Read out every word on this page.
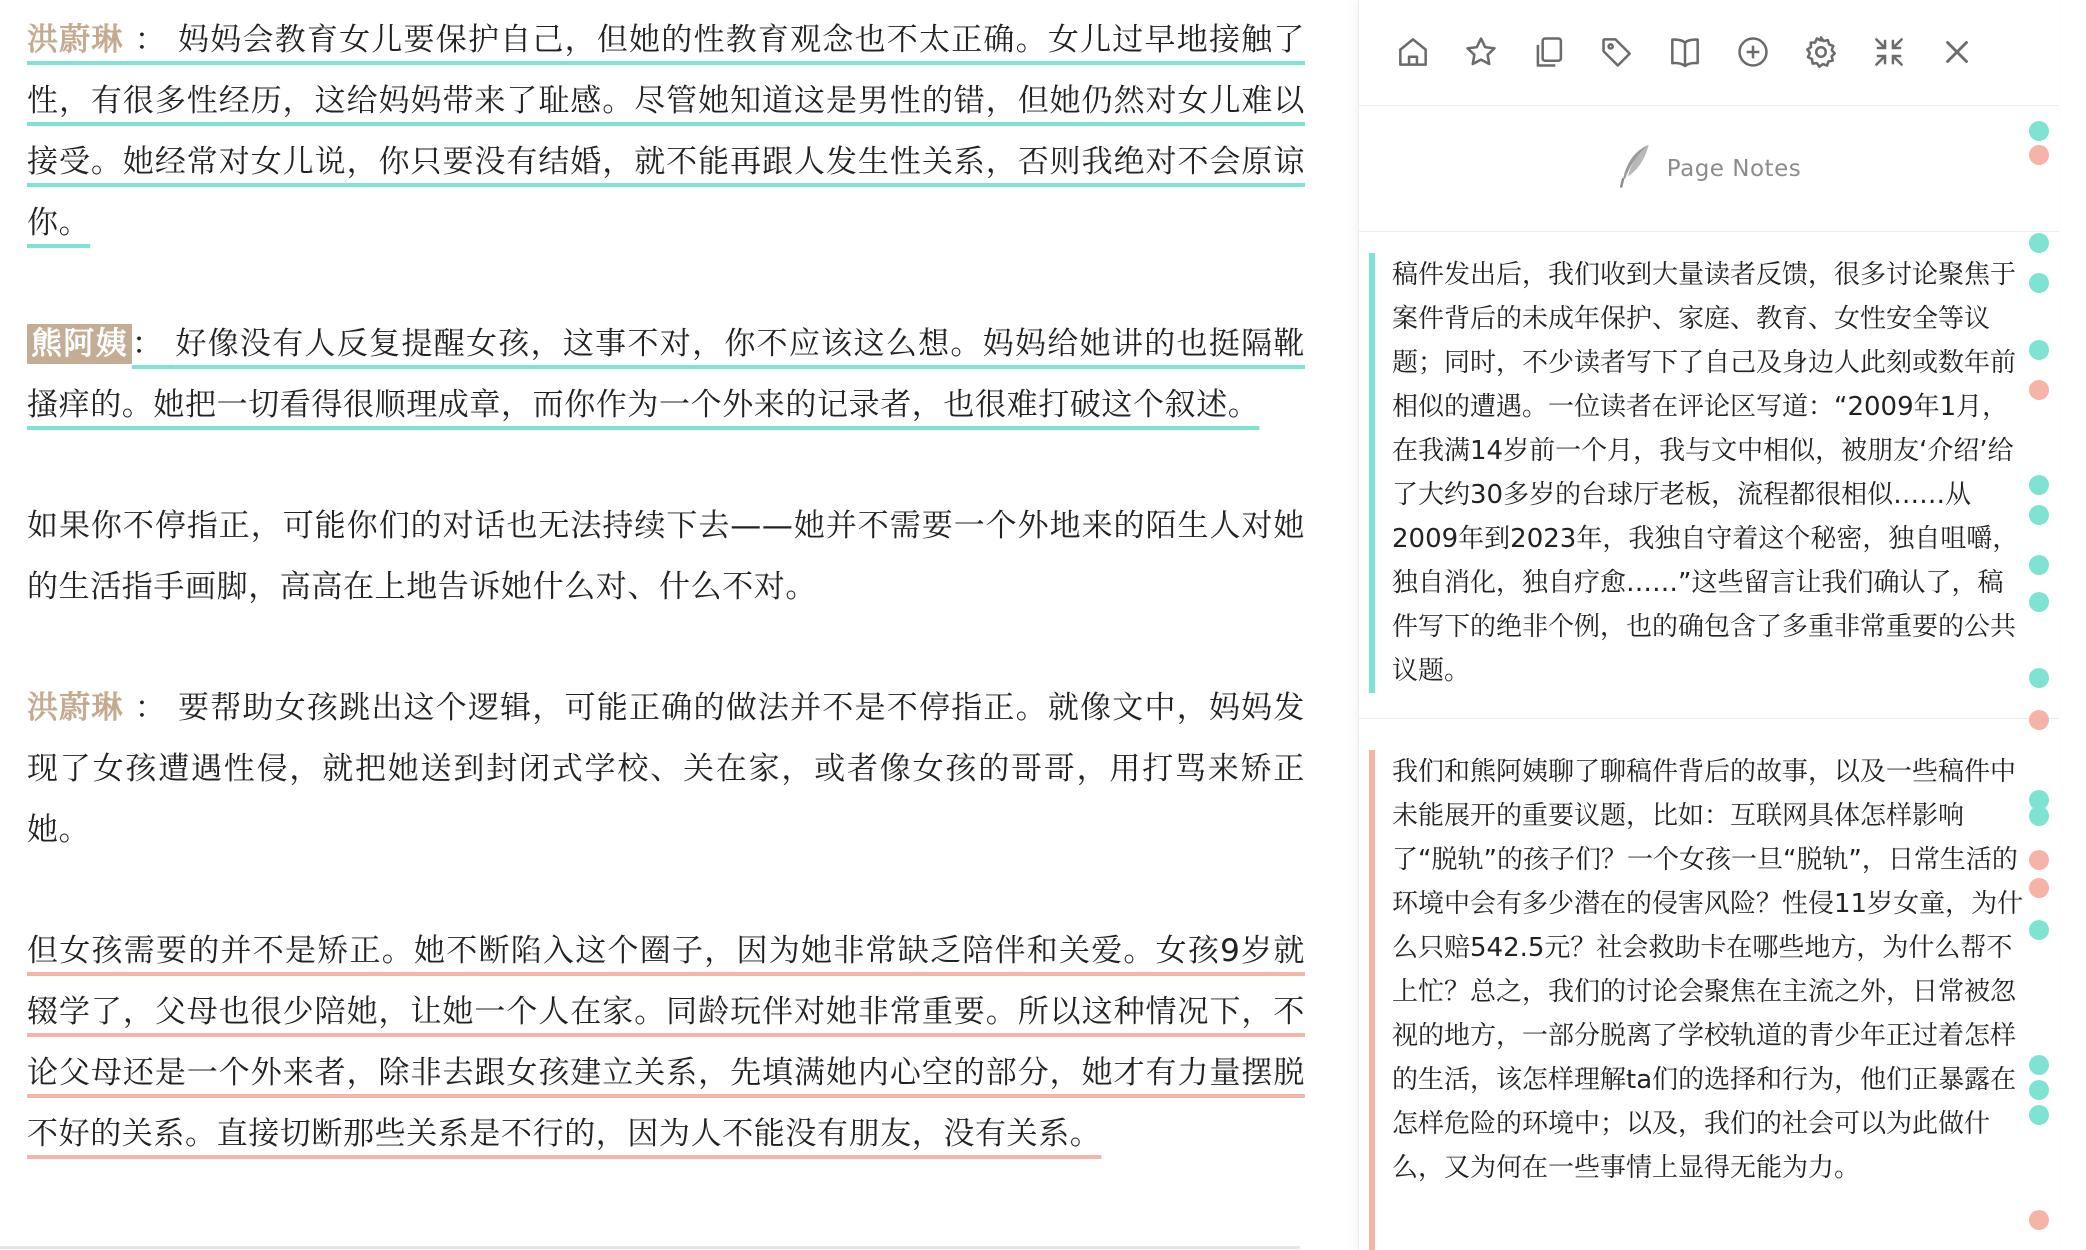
洪蔚琳 ： 妈妈会教育女儿要保护自己，但她的性教育观念也不太正确。女儿过早地接触了性，有很多性经历，这给妈妈带来了耻感。尽管她知道这是男性的错，但她仍然对女儿难以接受。她经常对女儿说，你只要没有结婚，就不能再跟人发生性关系，否则我绝对不会原谅你。

熊阿姨 ： 好像没有人反复提醒女孩，这事不对，你不应该这么想。妈妈给她讲的也挺隔靴搔痒的。她把一切看得很顺理成章，而你作为一个外来的记录者，也很难打破这个叙述。

如果你不停指正，可能你们的对话也无法持续下去——她并不需要一个外地来的陌生人对她的生活指手画脚，高高在上地告诉她什么对、什么不对。

洪蔚琳 ： 要帮助女孩跳出这个逻辑，可能正确的做法并不是不停指正。就像文中，妈妈发现了女孩遭遇性侵，就把她送到封闭式学校、关在家，或者像女孩的哥哥，用打骂来矫正她。

但女孩需要的并不是矫正。她不断陷入这个圈子，因为她非常缺乏陪伴和关爱。女孩9岁就辍学了，父母也很少陪她，让她一个人在家。同龄玩伴对她非常重要。所以这种情况下，不论父母还是一个外来者，除非去跟女孩建立关系，先填满她内心空的部分，她才有力量摆脱不好的关系。直接切断那些关系是不行的，因为人不能没有朋友，没有关系。

Page Notes
稿件发出后，我们收到大量读者反馈，很多讨论聚焦于案件背后的未成年保护、家庭、教育、女性安全等议题；同时，不少读者写下了自己及身边人此刻或数年前相似的遭遇。一位读者在评论区写道：“2009年1月，在我满14岁前一个月，我与文中相似，被朋友‘介绍’给了大约30多岁的台球厅老板，流程都很相似……从2009年到2023年，我独自守着这个秘密，独自咀嚼，独自消化，独自疗愈……”这些留言让我们确认了，稿件写下的绝非个例，也的确包含了多重非常重要的公共议题。
我们和熊阿姨聊了聊稿件背后的故事，以及一些稿件中未能展开的重要议题，比如：互联网具体怎样影响了“脱轨”的孩子们？一个女孩一旦“脱轨”，日常生活的环境中会有多少潜在的侵害风险？性侵11岁女童，为什么只赔542.5元？社会救助卡在哪些地方，为什么帮不上忙？总之，我们的讨论会聚焦在主流之外，日常被忽视的地方，一部分脱离了学校轨道的青少年正过着怎样的生活，该怎样理解ta们的选择和行为，他们正暴露在怎样危险的环境中；以及，我们的社会可以为此做什么，又为何在一些事情上显得无能为力。
